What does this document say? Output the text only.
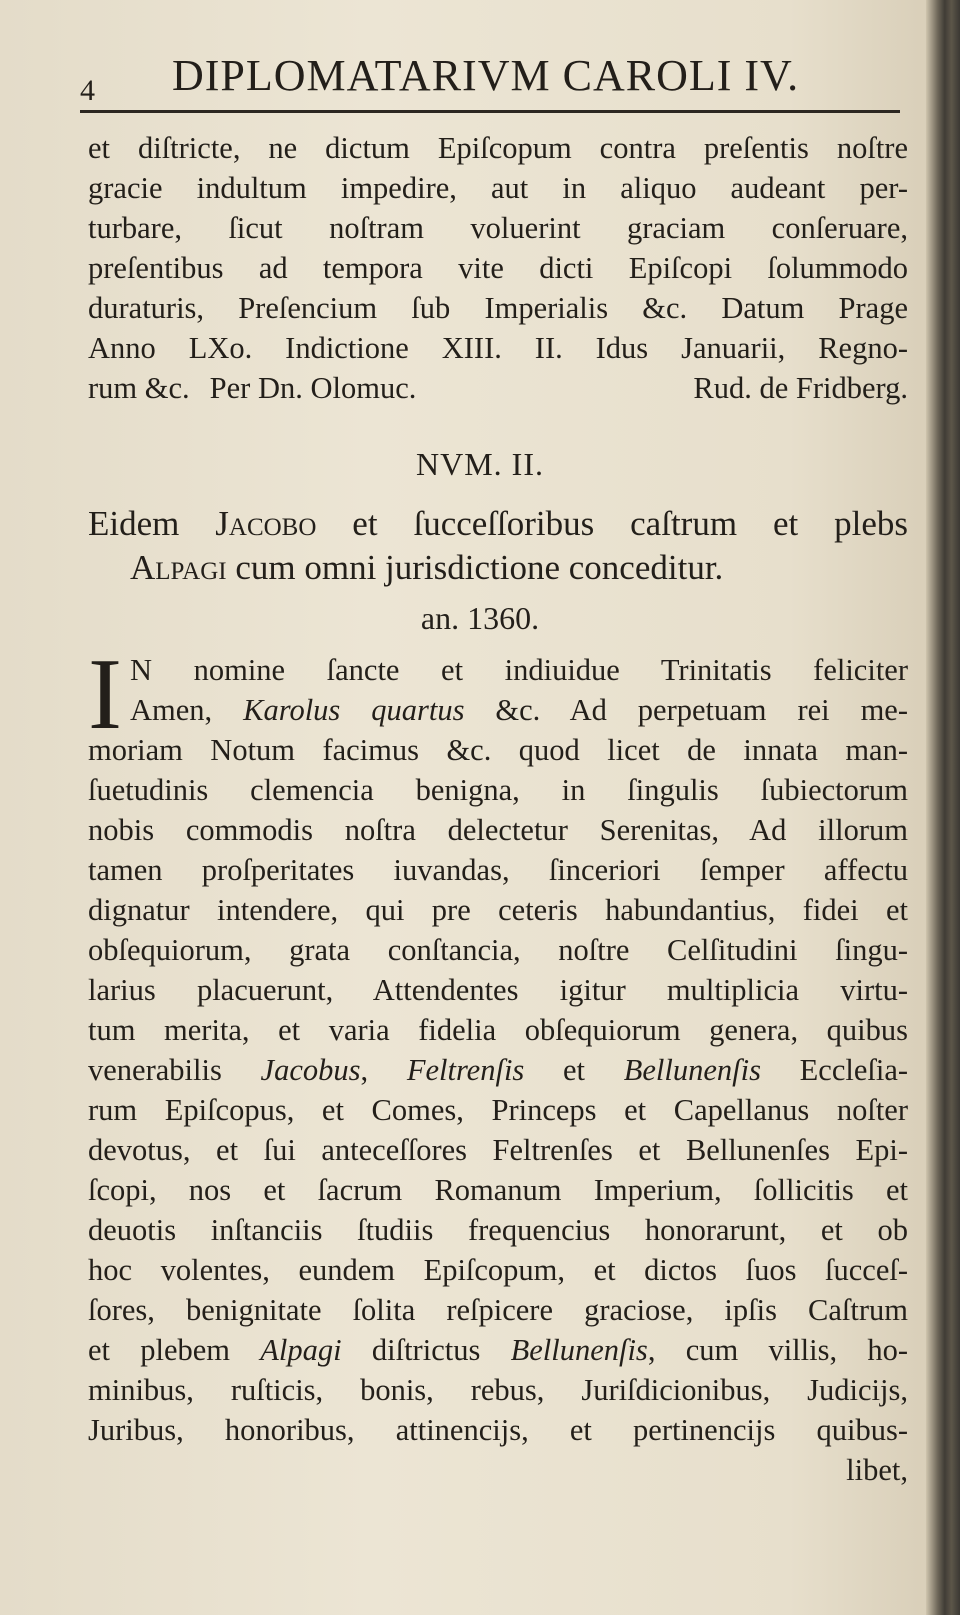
4 DIPLOMATARIVM CAROLI IV.
et diſtricte, ne dictum Epiſcopum contra preſentis noſtre
gracie indultum impedire, aut in aliquo audeant per-
turbare, ſicut noſtram voluerint graciam conſeruare,
preſentibus ad tempora vite dicti Epiſcopi ſolummodo
duraturis, Preſencium ſub Imperialis &c. Datum Prage
Anno LXo. Indictione XIII. II. Idus Januarii, Regno-
rum &c. Per Dn. Olomuc.	Rud. de Fridberg.
NVM. II.
Eidem Jacobo et ſucceſſoribus caſtrum et plebs
Alpagi cum omni jurisdictione conceditur.
an. 1360.
I N nomine ſancte et indiuidue Trinitatis feliciter
Amen, Karolus quartus &c. Ad perpetuam rei me-
moriam Notum facimus &c. quod licet de innata man-
ſuetudinis clemencia benigna, in ſingulis ſubiectorum
nobis commodis noſtra delectetur Serenitas, Ad illorum
tamen proſperitates iuvandas, ſinceriori ſemper affectu
dignatur intendere, qui pre ceteris habundantius, fidei et
obſequiorum, grata conſtancia, noſtre Celſitudini ſingu-
larius placuerunt, Attendentes igitur multiplicia virtu-
tum merita, et varia fidelia obſequiorum genera, quibus
venerabilis Jacobus, Feltrenſis et Bellunenſis Eccleſia-
rum Epiſcopus, et Comes, Princeps et Capellanus noſter
devotus, et ſui anteceſſores Feltrenſes et Bellunenſes Epi-
ſcopi, nos et ſacrum Romanum Imperium, ſollicitis et
deuotis inſtanciis ſtudiis frequencius honorarunt, et ob
hoc volentes, eundem Epiſcopum, et dictos ſuos ſucceſ-
ſores, benignitate ſolita reſpicere graciose, ipſis Caſtrum
et plebem Alpagi diſtrictus Bellunenſis, cum villis, ho-
minibus, ruſticis, bonis, rebus, Juriſdicionibus, Judicijs,
Juribus, honoribus, attinencijs, et pertinencijs quibus-
libet,
